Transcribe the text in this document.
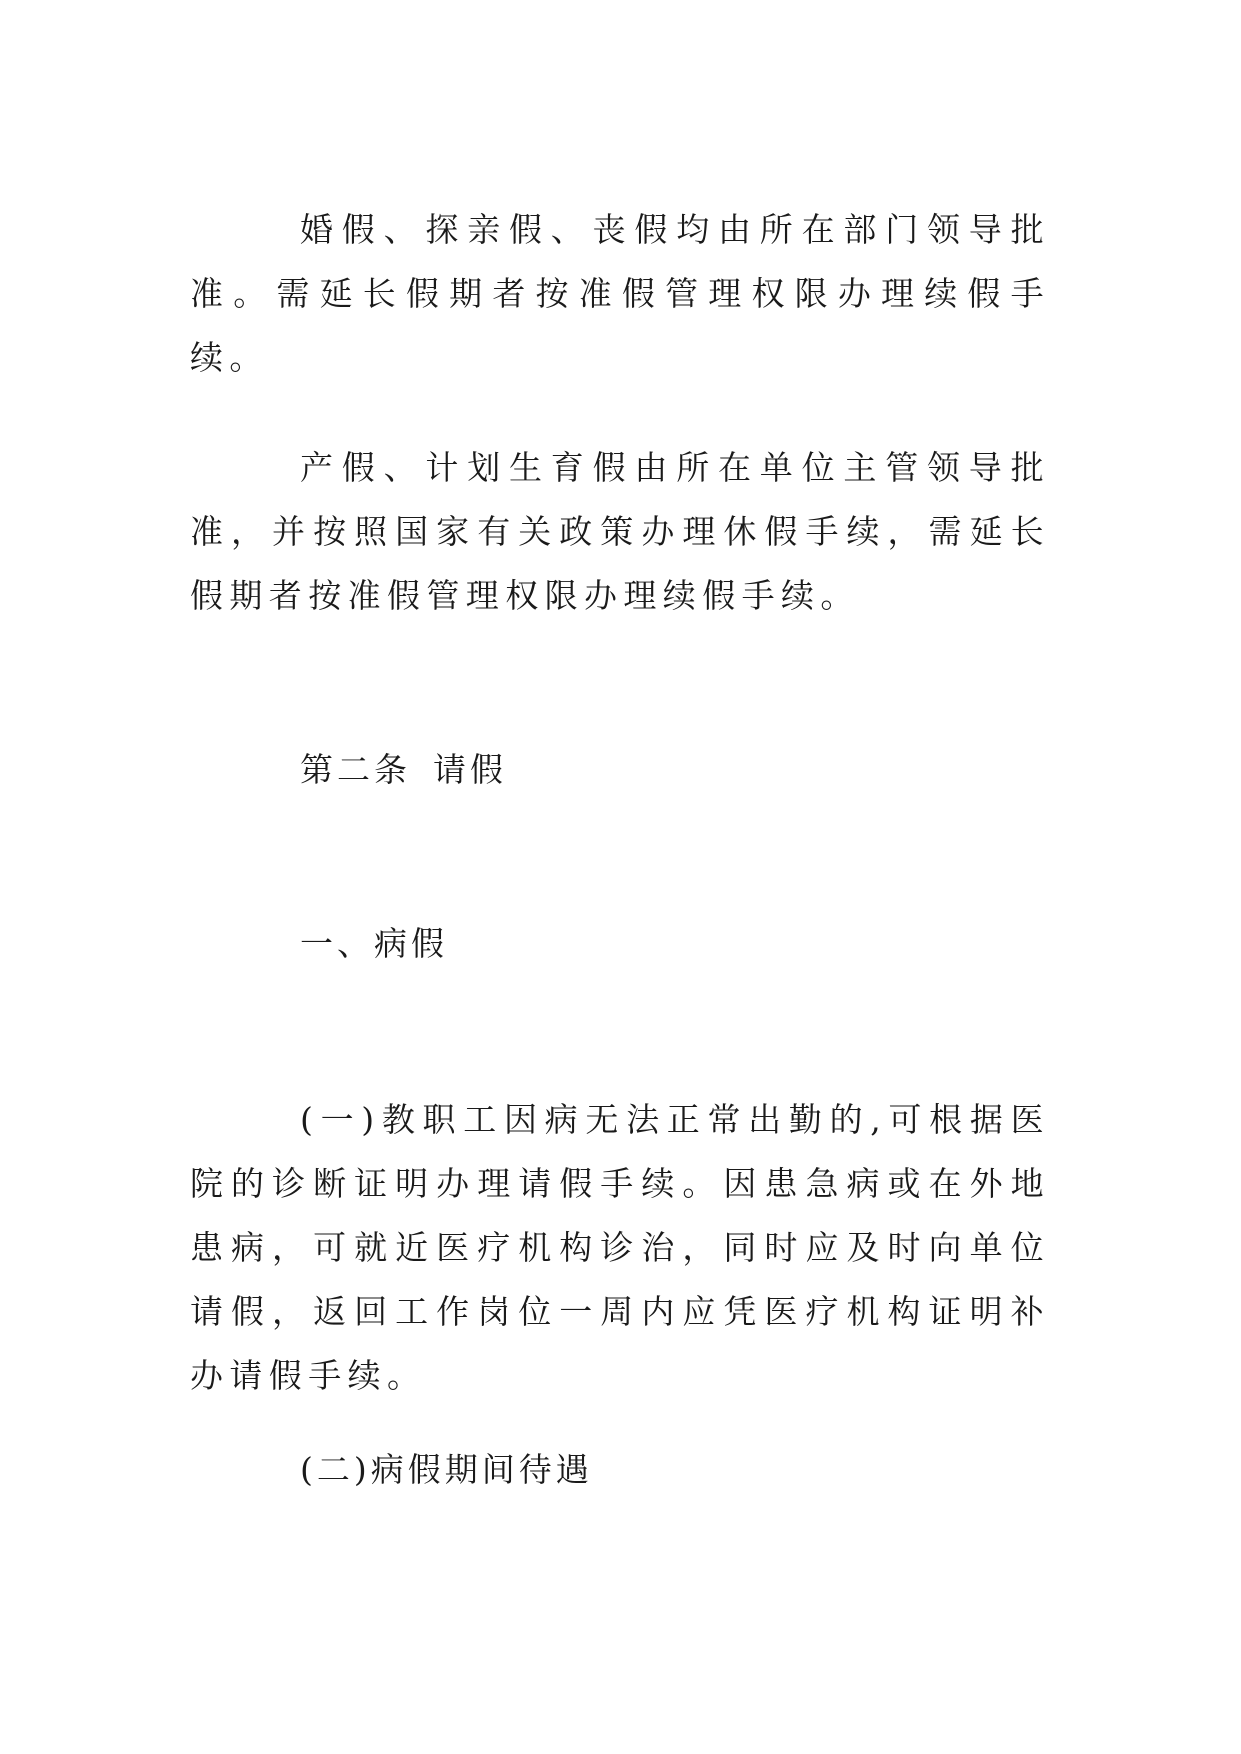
婚假、探亲假、丧假均由所在部门领导批准。需延长假期者按准假管理权限办理续假手续。

产假、计划生育假由所在单位主管领导批准，并按照国家有关政策办理休假手续，需延长假期者按准假管理权限办理续假手续。

第二条 请假

一、病假

(一)教职工因病无法正常出勤的,可根据医院的诊断证明办理请假手续。因患急病或在外地患病，可就近医疗机构诊治，同时应及时向单位请假，返回工作岗位一周内应凭医疗机构证明补办请假手续。

(二)病假期间待遇
